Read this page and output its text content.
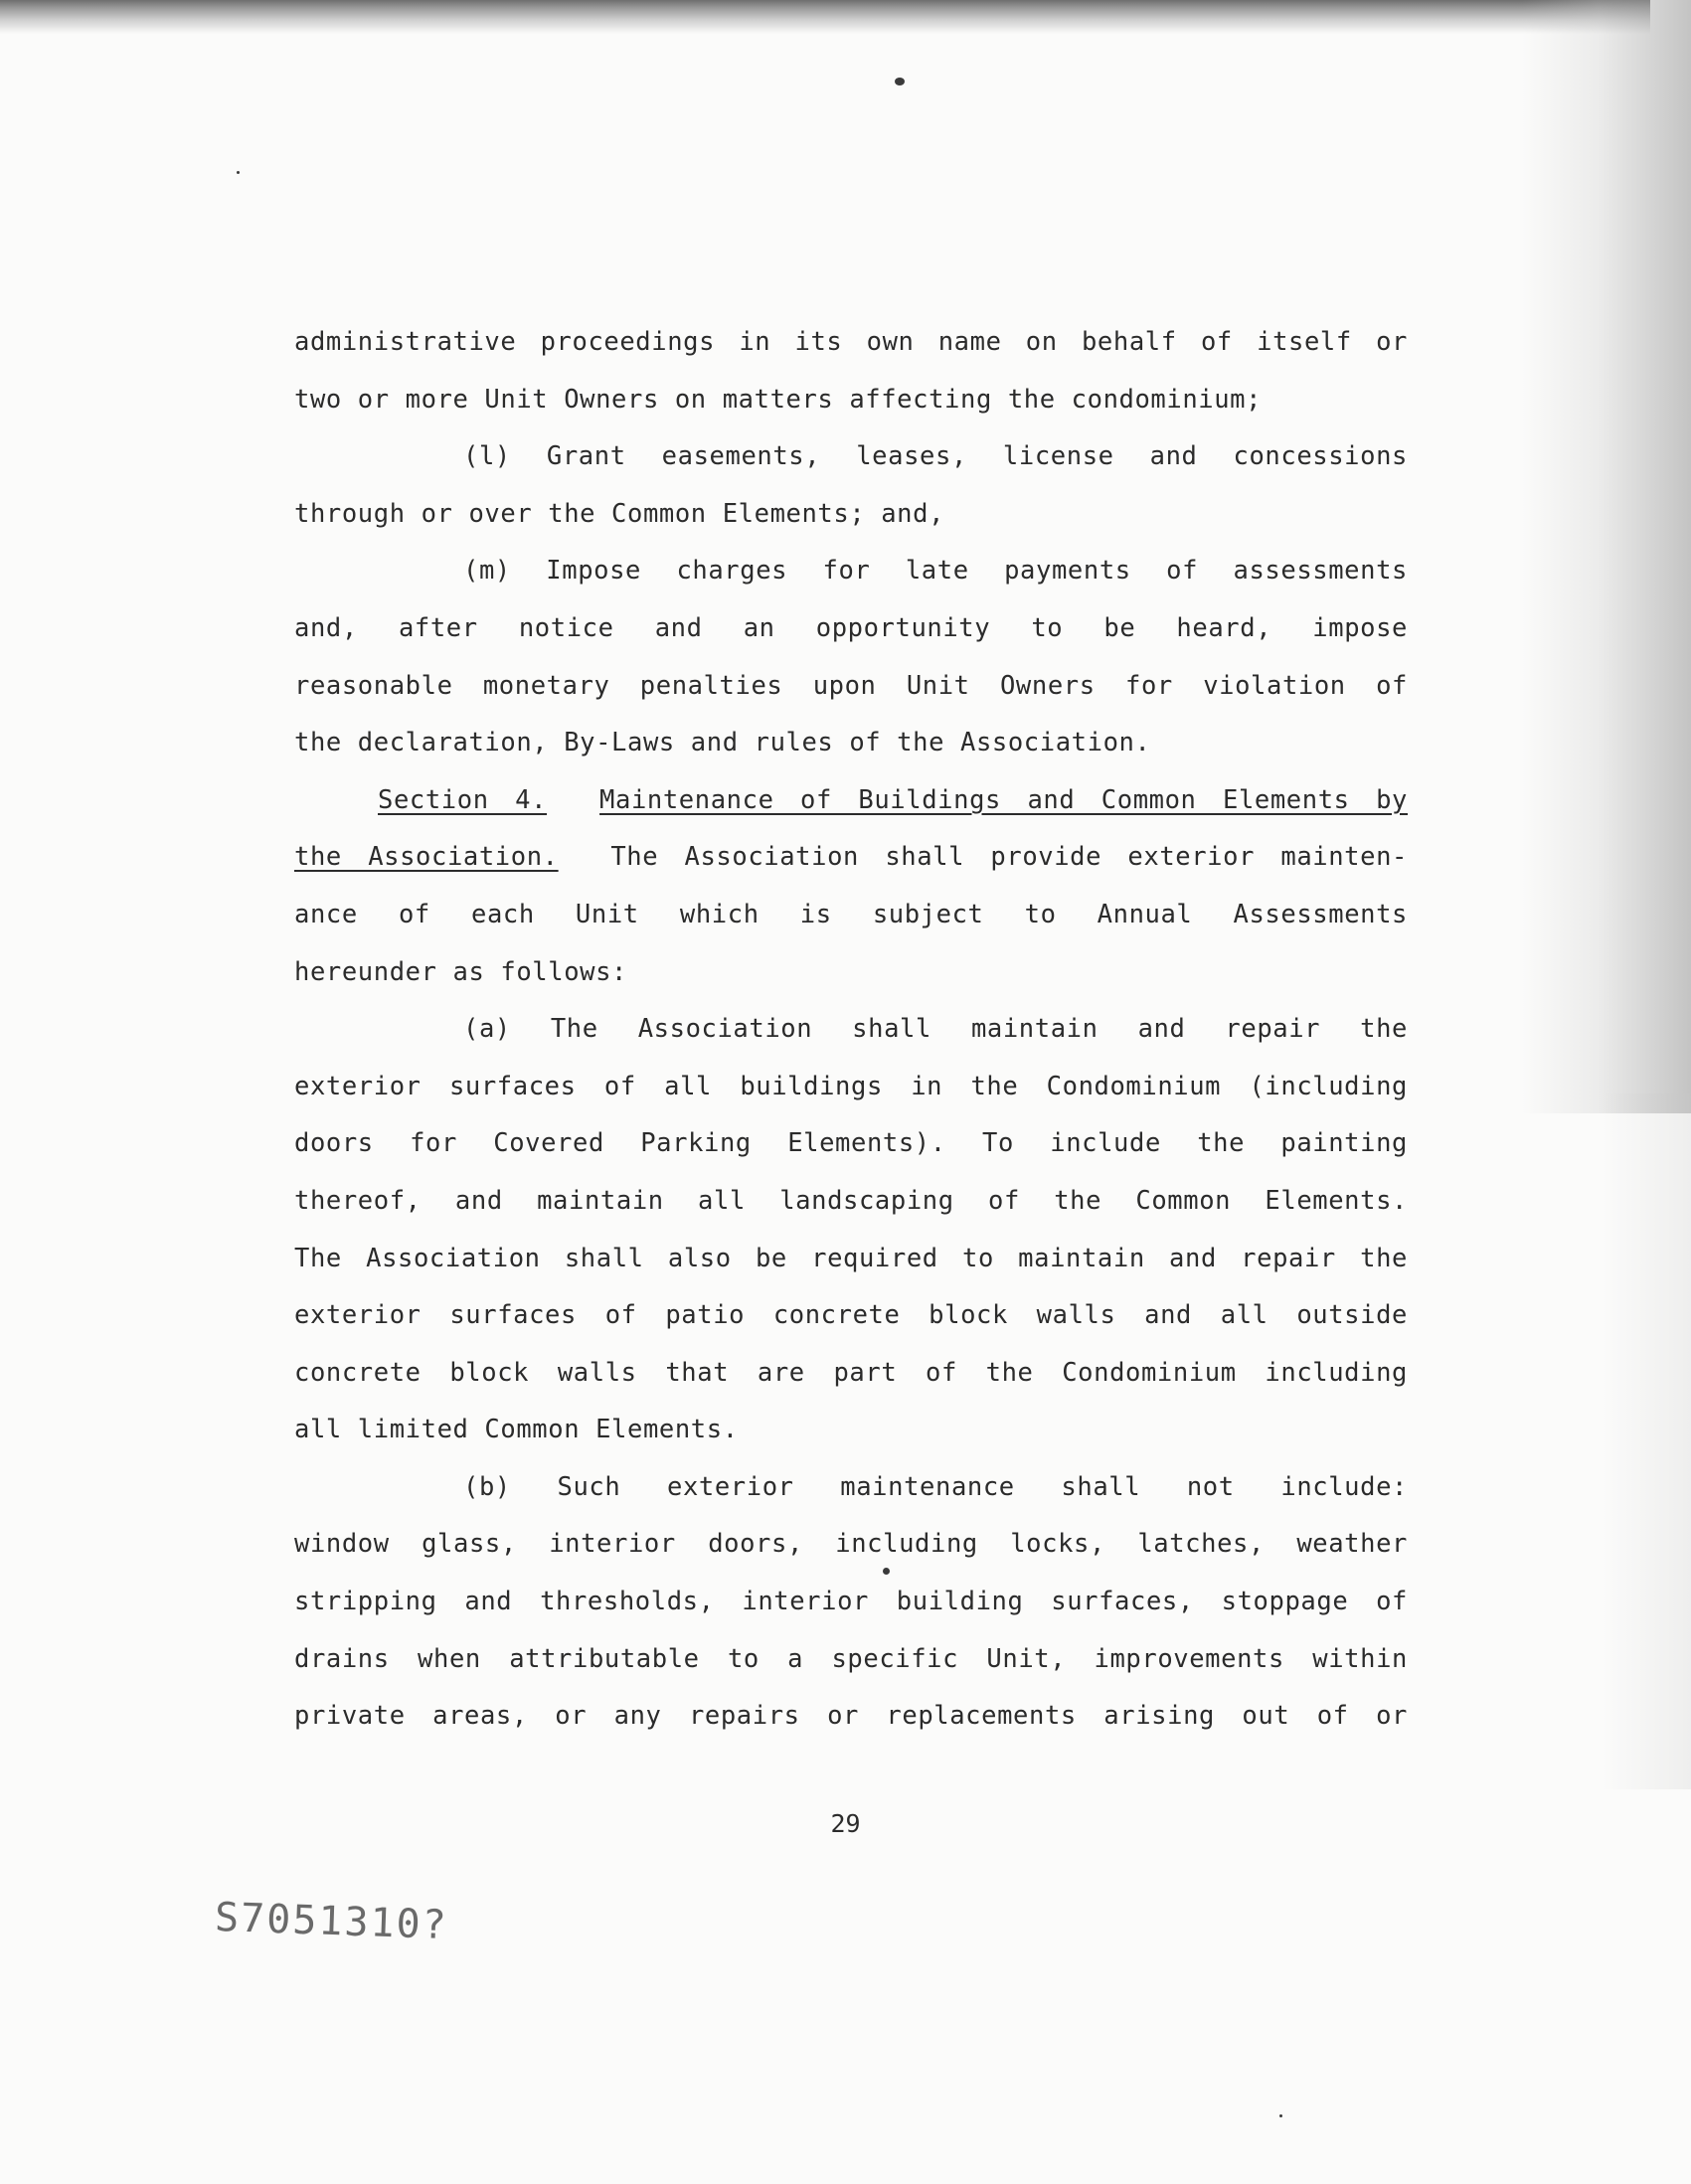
administrative proceedings in its own name on behalf of itself or
two or more Unit Owners on matters affecting the condominium;
(l) Grant easements, leases, license and concessions
through or over the Common Elements; and,
(m) Impose charges for late payments of assessments
and, after notice and an opportunity to be heard, impose
reasonable monetary penalties upon Unit Owners for violation of
the declaration, By-Laws and rules of the Association.
Section 4. Maintenance of Buildings and Common Elements by
the Association. The Association shall provide exterior mainten-
ance of each Unit which is subject to Annual Assessments
hereunder as follows:
(a) The Association shall maintain and repair the
exterior surfaces of all buildings in the Condominium (including
doors for Covered Parking Elements). To include the painting
thereof, and maintain all landscaping of the Common Elements.
The Association shall also be required to maintain and repair the
exterior surfaces of patio concrete block walls and all outside
concrete block walls that are part of the Condominium including
all limited Common Elements.
(b) Such exterior maintenance shall not include:
window glass, interior doors, including locks, latches, weather
stripping and thresholds, interior building surfaces, stoppage of
drains when attributable to a specific Unit, improvements within
private areas, or any repairs or replacements arising out of or
29
S7051310?
